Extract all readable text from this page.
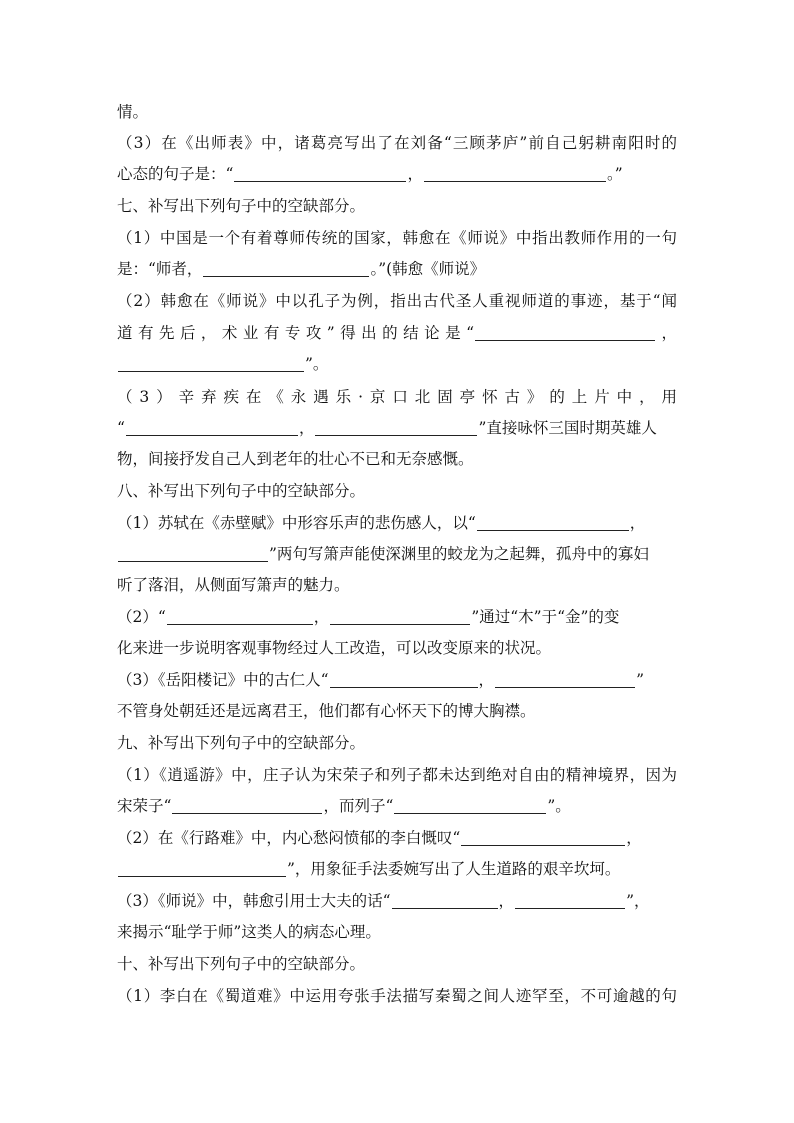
情。
（3）在《出师表》中，诸葛亮写出了在刘备“三顾茅庐”前自己躬耕南阳时的
心态的句子是：“	，	。”
七、补写出下列句子中的空缺部分。
（1）中国是一个有着尊师传统的国家，韩愈在《师说》中指出教师作用的一句
是：“师者，	。”(韩愈《师说》
（2）韩愈在《师说》中以孔子为例，指出古代圣人重视师道的事迹，基于“闻
道有先后，术业有专攻”得出的结论是“	，
”。
（3）辛弃疾在《永遇乐·京口北固亭怀古》的上片中，用
“	，	”直接咏怀三国时期英雄人
物，间接抒发自己人到老年的壮心不已和无奈感慨。
八、补写出下列句子中的空缺部分。
（1）苏轼在《赤壁赋》中形容乐声的悲伤感人，以“	，
”两句写箫声能使深渊里的蛟龙为之起舞，孤舟中的寡妇
听了落泪，从侧面写箫声的魅力。
（2）“	，	”通过“木”于“金”的变
化来进一步说明客观事物经过人工改造，可以改变原来的状况。
（3）《岳阳楼记》中的古仁人“	，	”
不管身处朝廷还是远离君王，他们都有心怀天下的博大胸襟。
九、补写出下列句子中的空缺部分。
（1）《逍遥游》中，庄子认为宋荣子和列子都未达到绝对自由的精神境界，因为
宋荣子“	，而列子“	”。
（2）在《行路难》中，内心愁闷愤郁的李白慨叹“	，
”，用象征手法委婉写出了人生道路的艰辛坎坷。
（3）《师说》中，韩愈引用士大夫的话“	，	”，
来揭示“耻学于师”这类人的病态心理。
十、补写出下列句子中的空缺部分。
（1）李白在《蜀道难》中运用夸张手法描写秦蜀之间人迹罕至，不可逾越的句
